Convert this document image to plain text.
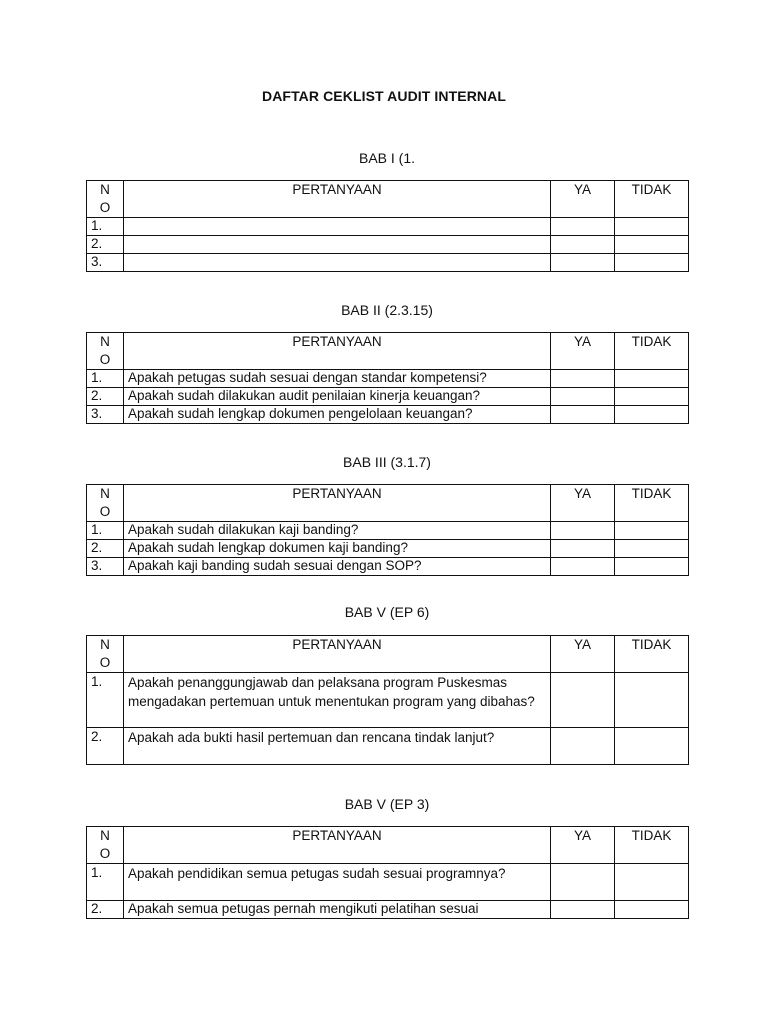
DAFTAR CEKLIST AUDIT INTERNAL
BAB I (1.
N
O	PERTANYAAN	YA	TIDAK
1.			
2.			
3.			
BAB II (2.3.15)
N
O	PERTANYAAN	YA	TIDAK
1.	Apakah petugas sudah sesuai dengan standar kompetensi?		
2.	Apakah sudah dilakukan audit penilaian kinerja keuangan?		
3.	Apakah sudah lengkap dokumen pengelolaan keuangan?		
BAB III (3.1.7)
N
O	PERTANYAAN	YA	TIDAK
1.	Apakah sudah dilakukan kaji banding?		
2.	Apakah sudah lengkap dokumen kaji banding?		
3.	Apakah kaji banding sudah sesuai dengan SOP?		
BAB V (EP 6)
N
O	PERTANYAAN	YA	TIDAK
1.	Apakah penanggungjawab dan pelaksana program Puskesmas mengadakan pertemuan untuk menentukan program yang dibahas?		
2.	Apakah ada bukti hasil pertemuan dan rencana tindak lanjut?		
BAB V (EP 3)
N
O	PERTANYAAN	YA	TIDAK
1.	Apakah pendidikan semua petugas sudah sesuai programnya?		
2.	Apakah semua petugas pernah mengikuti pelatihan sesuai		
